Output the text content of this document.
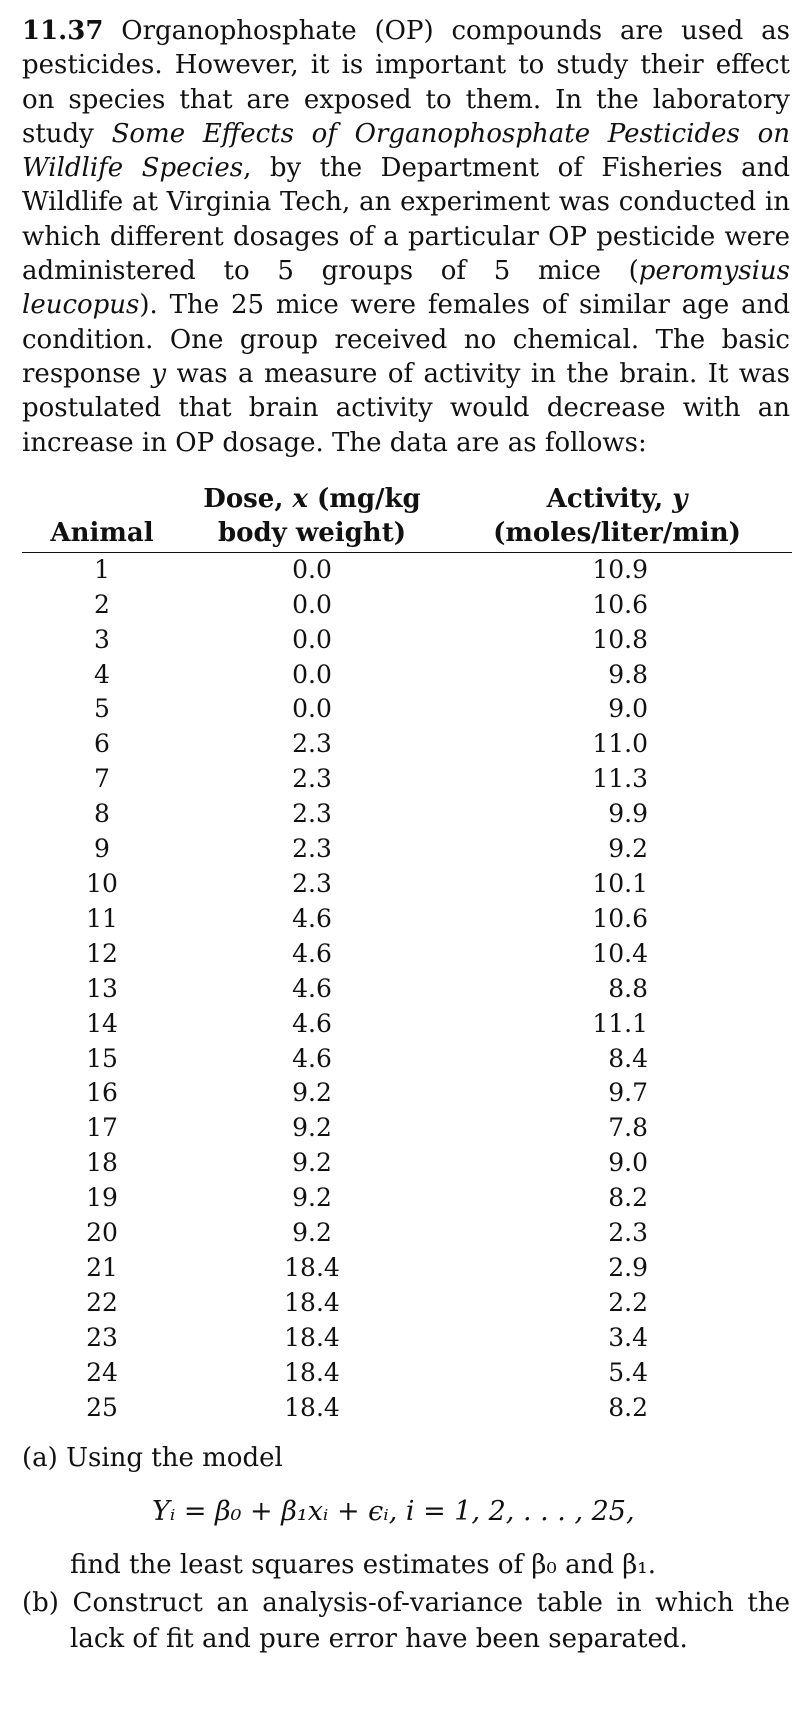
11.37 Organophosphate (OP) compounds are used as pesticides. However, it is important to study their effect on species that are exposed to them. In the laboratory study Some Effects of Organophosphate Pesticides on Wildlife Species, by the Department of Fisheries and Wildlife at Virginia Tech, an experiment was conducted in which different dosages of a particular OP pesticide were administered to 5 groups of 5 mice (peromysius leucopus). The 25 mice were females of similar age and condition. One group received no chemical. The basic response y was a measure of activity in the brain. It was postulated that brain activity would decrease with an increase in OP dosage. The data are as follows:

	Dose, x (mg/kg	Activity, y
Animal	body weight)	(moles/liter/min)
1	0.0	10.9
2	0.0	10.6
3	0.0	10.8
4	0.0	9.8
5	0.0	9.0
6	2.3	11.0
7	2.3	11.3
8	2.3	9.9
9	2.3	9.2
10	2.3	10.1
11	4.6	10.6
12	4.6	10.4
13	4.6	8.8
14	4.6	11.1
15	4.6	8.4
16	9.2	9.7
17	9.2	7.8
18	9.2	9.0
19	9.2	8.2
20	9.2	2.3
21	18.4	2.9
22	18.4	2.2
23	18.4	3.4
24	18.4	5.4
25	18.4	8.2

(a) Using the model

Yᵢ = β₀ + β₁xᵢ + ϵᵢ, i = 1, 2, . . . , 25,

find the least squares estimates of β₀ and β₁.

(b) Construct an analysis-of-variance table in which the lack of fit and pure error have been separated.
